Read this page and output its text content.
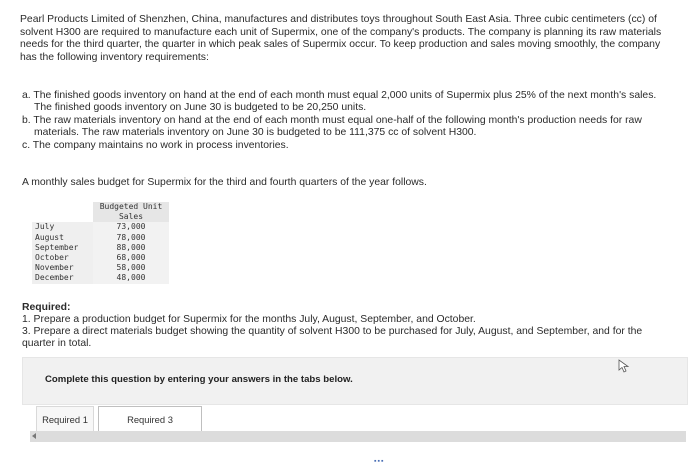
Pearl Products Limited of Shenzhen, China, manufactures and distributes toys throughout South East Asia. Three cubic centimeters (cc) of solvent H300 are required to manufacture each unit of Supermix, one of the company's products. The company is planning its raw materials needs for the third quarter, the quarter in which peak sales of Supermix occur. To keep production and sales moving smoothly, the company has the following inventory requirements:

a. The finished goods inventory on hand at the end of each month must equal 2,000 units of Supermix plus 25% of the next month's sales. The finished goods inventory on June 30 is budgeted to be 20,250 units.
b. The raw materials inventory on hand at the end of each month must equal one-half of the following month's production needs for raw materials. The raw materials inventory on June 30 is budgeted to be 111,375 cc of solvent H300.
c. The company maintains no work in process inventories.

A monthly sales budget for Supermix for the third and fourth quarters of the year follows.

	Budgeted Unit
Sales

July	73,000
August	78,000
September	88,000
October	68,000
November	58,000
December	48,000
Required:
1. Prepare a production budget for Supermix for the months July, August, September, and October.
3. Prepare a direct materials budget showing the quantity of solvent H300 to be purchased for July, August, and September, and for the quarter in total.
Complete this question by entering your answers in the tabs below.
Required 1	Required 3
▪▪▪
